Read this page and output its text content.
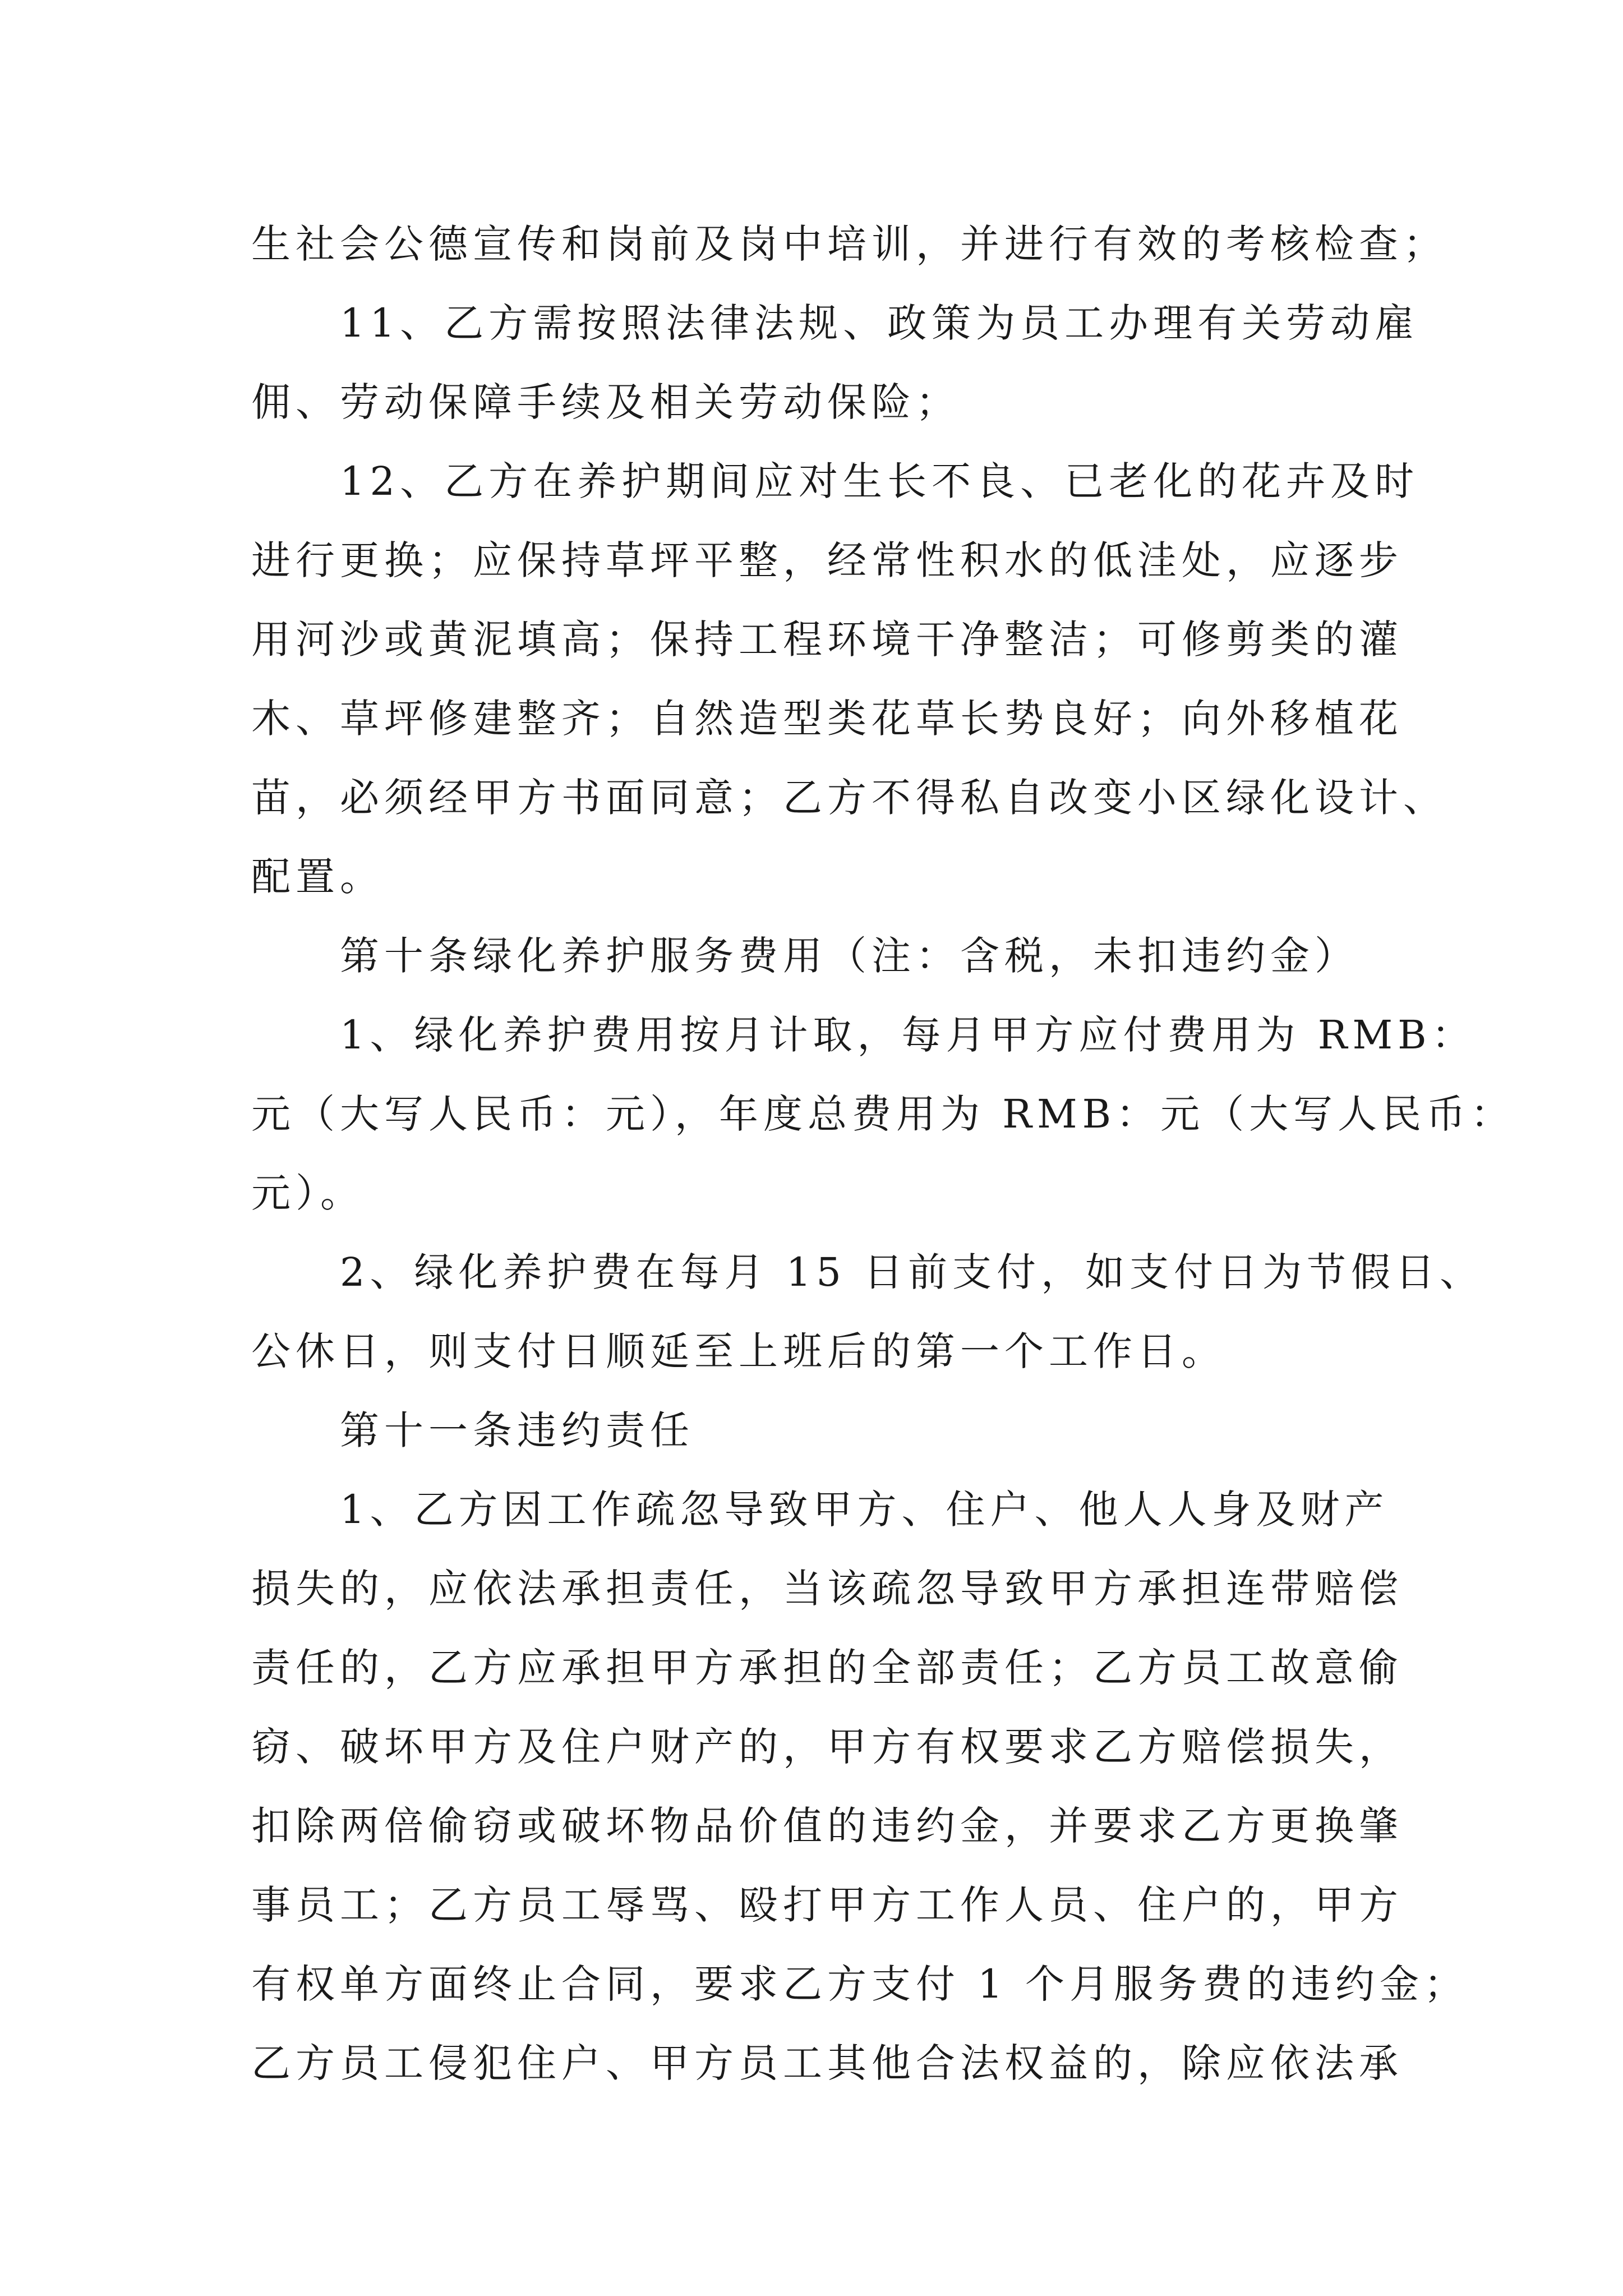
生社会公德宣传和岗前及岗中培训，并进行有效的考核检查；
11、乙方需按照法律法规、政策为员工办理有关劳动雇
佣、劳动保障手续及相关劳动保险；
12、乙方在养护期间应对生长不良、已老化的花卉及时
进行更换；应保持草坪平整，经常性积水的低洼处，应逐步
用河沙或黄泥填高；保持工程环境干净整洁；可修剪类的灌
木、草坪修建整齐；自然造型类花草长势良好；向外移植花
苗，必须经甲方书面同意；乙方不得私自改变小区绿化设计、
配置。
第十条绿化养护服务费用（注：含税，未扣违约金）
1、绿化养护费用按月计取，每月甲方应付费用为 RMB：
元（大写人民币：元），年度总费用为 RMB：元（大写人民币：
元）。
2、绿化养护费在每月 15 日前支付，如支付日为节假日、
公休日，则支付日顺延至上班后的第一个工作日。
第十一条违约责任
1、乙方因工作疏忽导致甲方、住户、他人人身及财产
损失的，应依法承担责任，当该疏忽导致甲方承担连带赔偿
责任的，乙方应承担甲方承担的全部责任；乙方员工故意偷
窃、破坏甲方及住户财产的，甲方有权要求乙方赔偿损失，
扣除两倍偷窃或破坏物品价值的违约金，并要求乙方更换肇
事员工；乙方员工辱骂、殴打甲方工作人员、住户的，甲方
有权单方面终止合同，要求乙方支付 1 个月服务费的违约金；
乙方员工侵犯住户、甲方员工其他合法权益的，除应依法承
